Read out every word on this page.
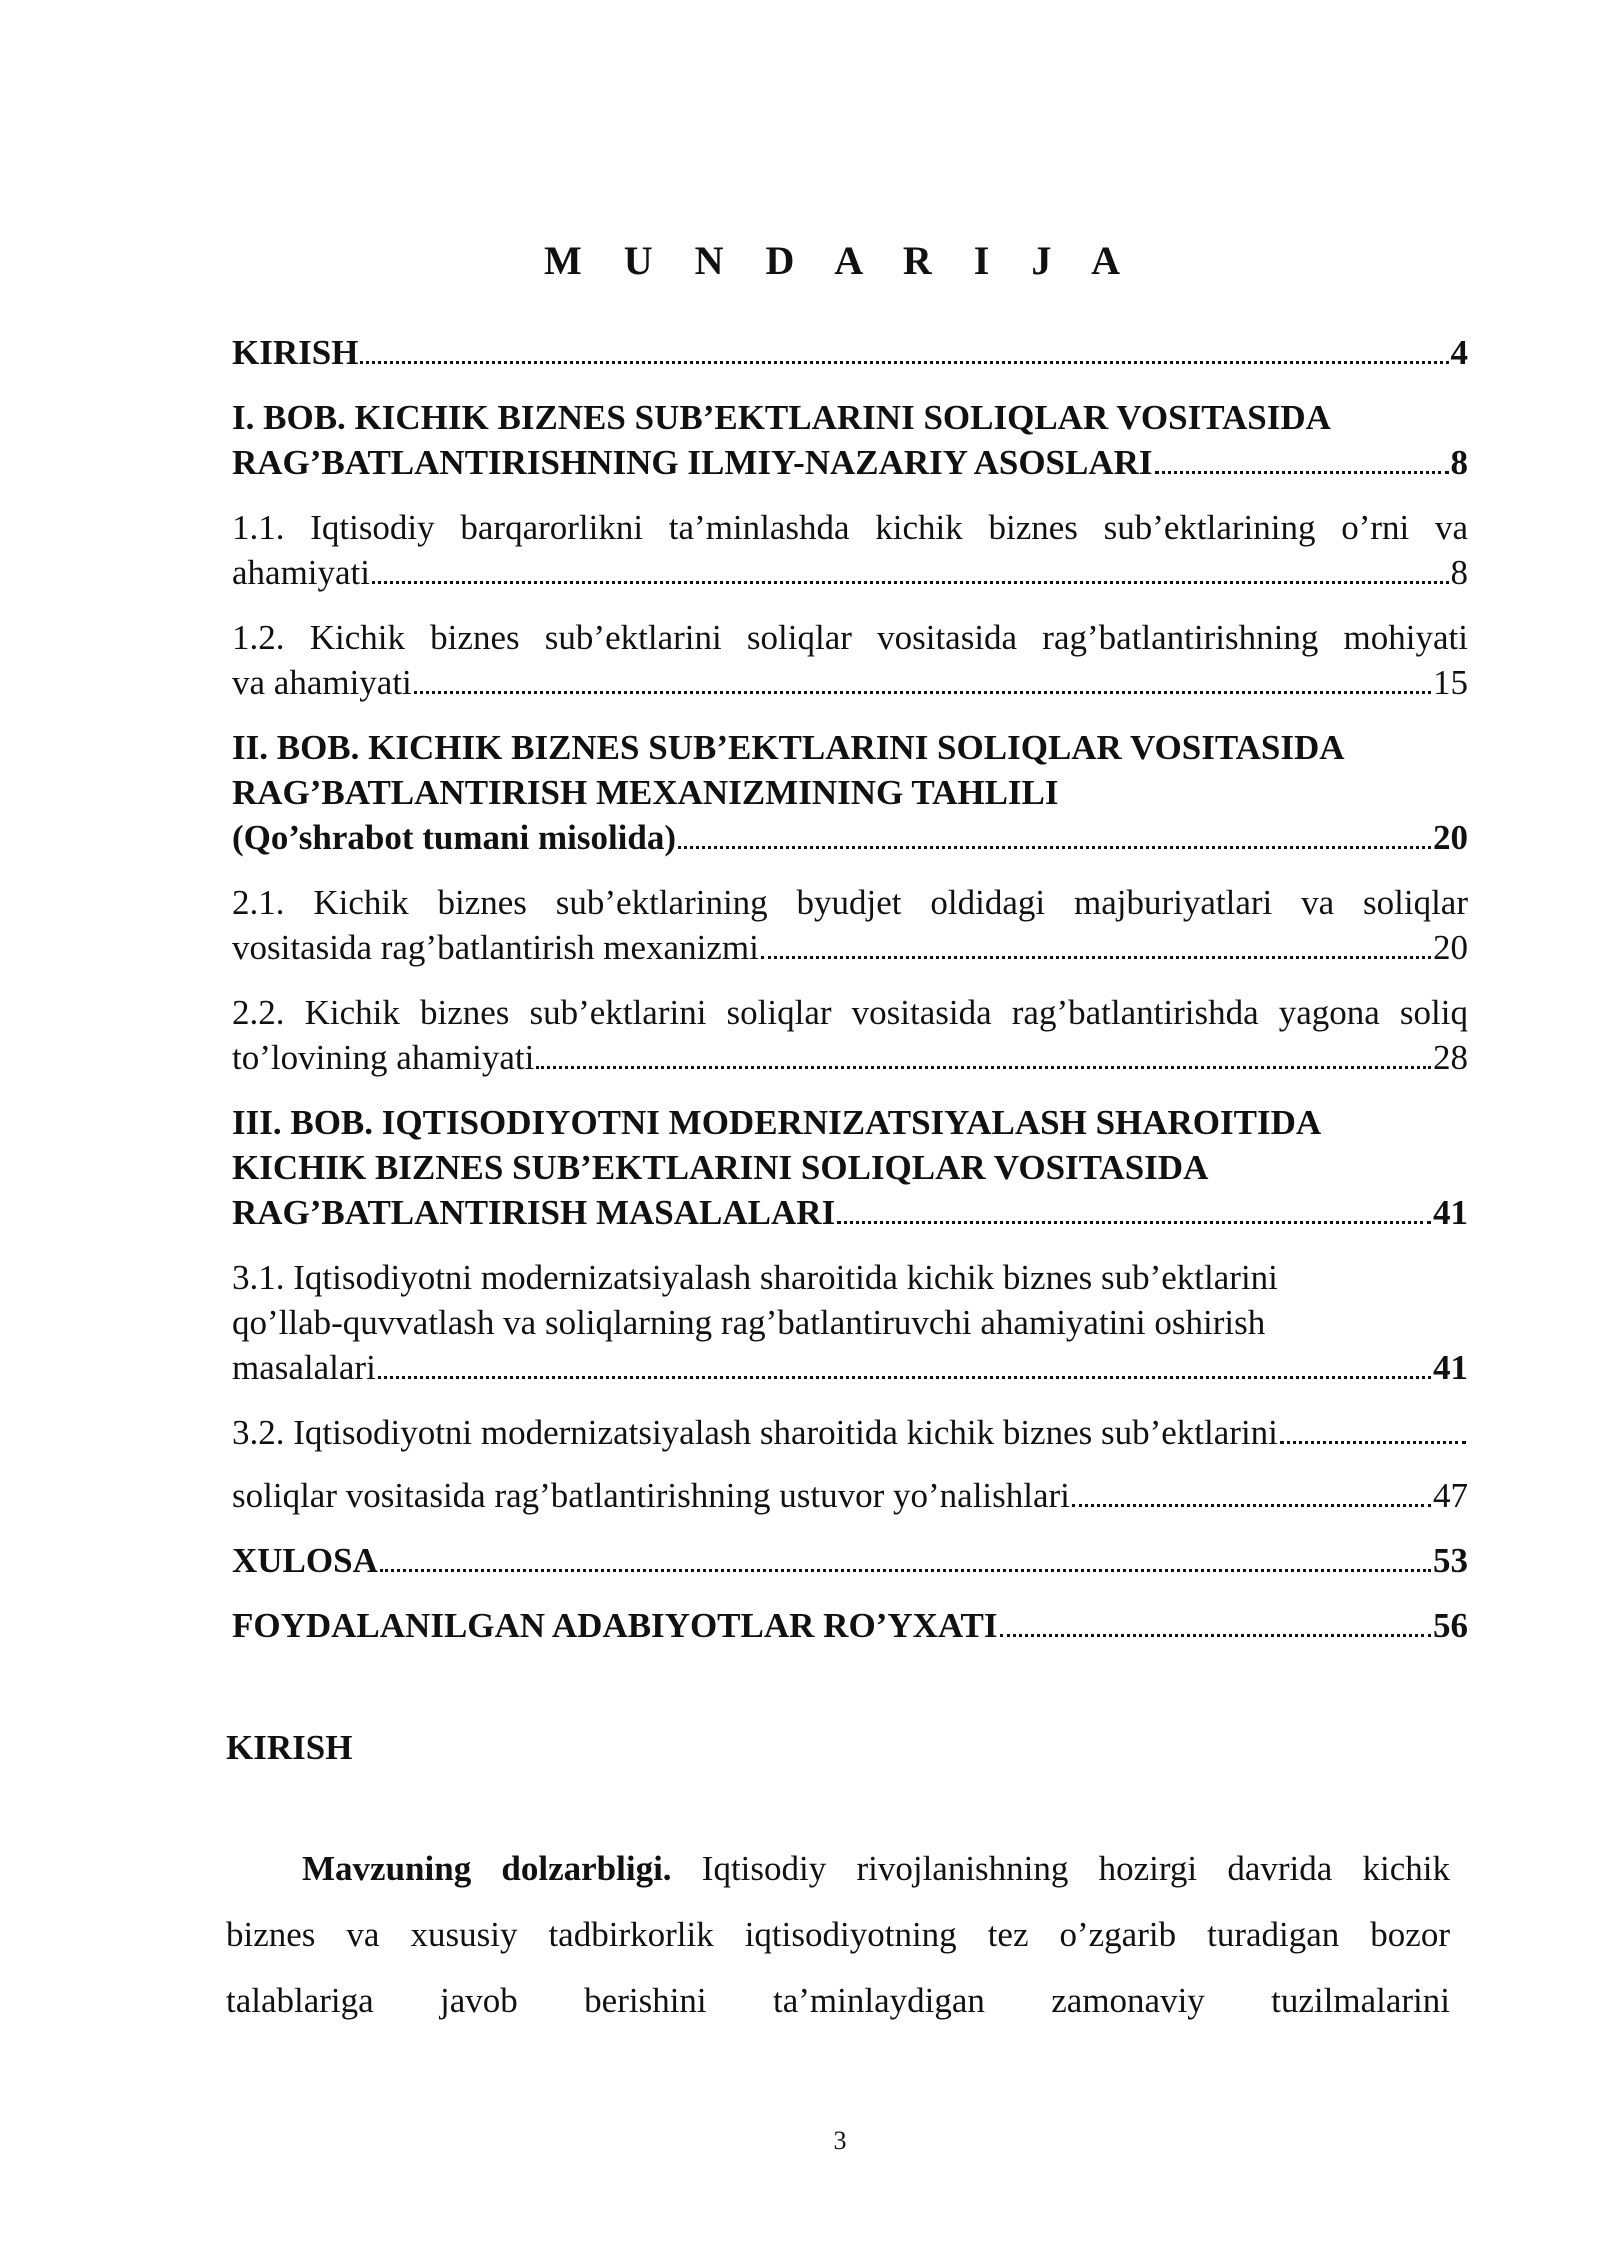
M U N D A R I J A
KIRISH	4
I. BOB. KICHIK BIZNES SUB’EKTLARINI SOLIQLAR VOSITASIDA
RAG’BATLANTIRISHNING ILMIY-NAZARIY ASOSLARI	8
1.1. Iqtisodiy barqarorlikni ta’minlashda kichik biznes sub’ektlarining o’rni va
ahamiyati	8
1.2. Kichik biznes sub’ektlarini soliqlar vositasida rag’batlantirishning mohiyati
va ahamiyati	15
II. BOB. KICHIK BIZNES SUB’EKTLARINI SOLIQLAR VOSITASIDA
RAG’BATLANTIRISH MEXANIZMINING TAHLILI
(Qo’shrabot tumani misolida)	20
2.1. Kichik biznes sub’ektlarining byudjet oldidagi majburiyatlari va soliqlar
vositasida rag’batlantirish mexanizmi	20
2.2. Kichik biznes sub’ektlarini soliqlar vositasida rag’batlantirishda yagona soliq
to’lovining ahamiyati	28
III. BOB. IQTISODIYOTNI MODERNIZATSIYALASH SHAROITIDA
KICHIK BIZNES SUB’EKTLARINI SOLIQLAR VOSITASIDA
RAG’BATLANTIRISH MASALALARI	41
3.1. Iqtisodiyotni modernizatsiyalash sharoitida kichik biznes sub’ektlarini
qo’llab-quvvatlash va soliqlarning rag’batlantiruvchi ahamiyatini oshirish
masalalari	41
3.2. Iqtisodiyotni modernizatsiyalash sharoitida kichik biznes sub’ektlarini
soliqlar vositasida rag’batlantirishning ustuvor yo’nalishlari	47
XULOSA	53
FOYDALANILGAN ADABIYOTLAR RO’YXATI	56
KIRISH
Mavzuning dolzarbligi. Iqtisodiy rivojlanishning hozirgi davrida kichik
biznes va xususiy tadbirkorlik iqtisodiyotning tez o’zgarib turadigan bozor
talablariga javob berishini ta’minlaydigan zamonaviy tuzilmalarini
3
